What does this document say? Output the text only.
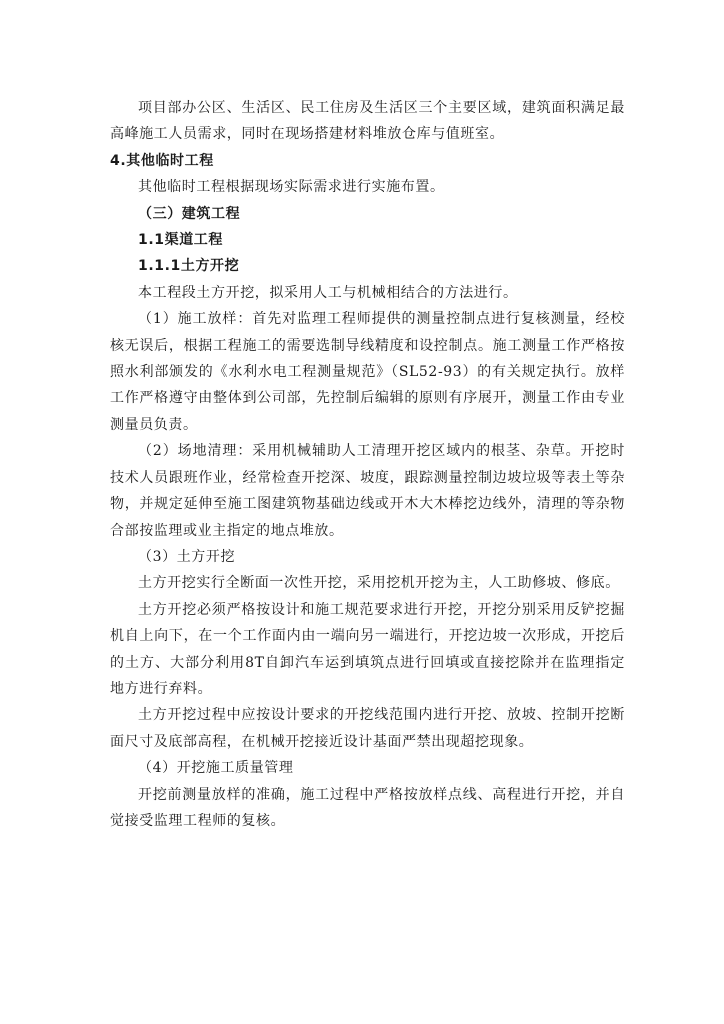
项目部办公区、生活区、民工住房及生活区三个主要区域，建筑面积满足最高峰施工人员需求，同时在现场搭建材料堆放仓库与值班室。

4.其他临时工程

其他临时工程根据现场实际需求进行实施布置。

（三）建筑工程

1.1渠道工程

1.1.1土方开挖

本工程段土方开挖，拟采用人工与机械相结合的方法进行。

（1）施工放样：首先对监理工程师提供的测量控制点进行复核测量，经校核无误后，根据工程施工的需要选制导线精度和设控制点。施工测量工作严格按照水利部颁发的《水利水电工程测量规范》（SL52-93）的有关规定执行。放样工作严格遵守由整体到公司部，先控制后编辑的原则有序展开，测量工作由专业测量员负责。

（2）场地清理：采用机械辅助人工清理开挖区域内的根茎、杂草。开挖时技术人员跟班作业，经常检查开挖深、坡度，跟踪测量控制边坡垃圾等表土等杂物，并规定延伸至施工图建筑物基础边线或开木大木棒挖边线外，清理的等杂物合部按监理或业主指定的地点堆放。

（3）土方开挖

土方开挖实行全断面一次性开挖，采用挖机开挖为主，人工助修坡、修底。

土方开挖必须严格按设计和施工规范要求进行开挖，开挖分别采用反铲挖掘机自上向下，在一个工作面内由一端向另一端进行，开挖边坡一次形成，开挖后的土方、大部分利用8T自卸汽车运到填筑点进行回填或直接挖除并在监理指定地方进行弃料。

土方开挖过程中应按设计要求的开挖线范围内进行开挖、放坡、控制开挖断面尺寸及底部高程，在机械开挖接近设计基面严禁出现超挖现象。

（4）开挖施工质量管理

开挖前测量放样的准确，施工过程中严格按放样点线、高程进行开挖，并自觉接受监理工程师的复核。
